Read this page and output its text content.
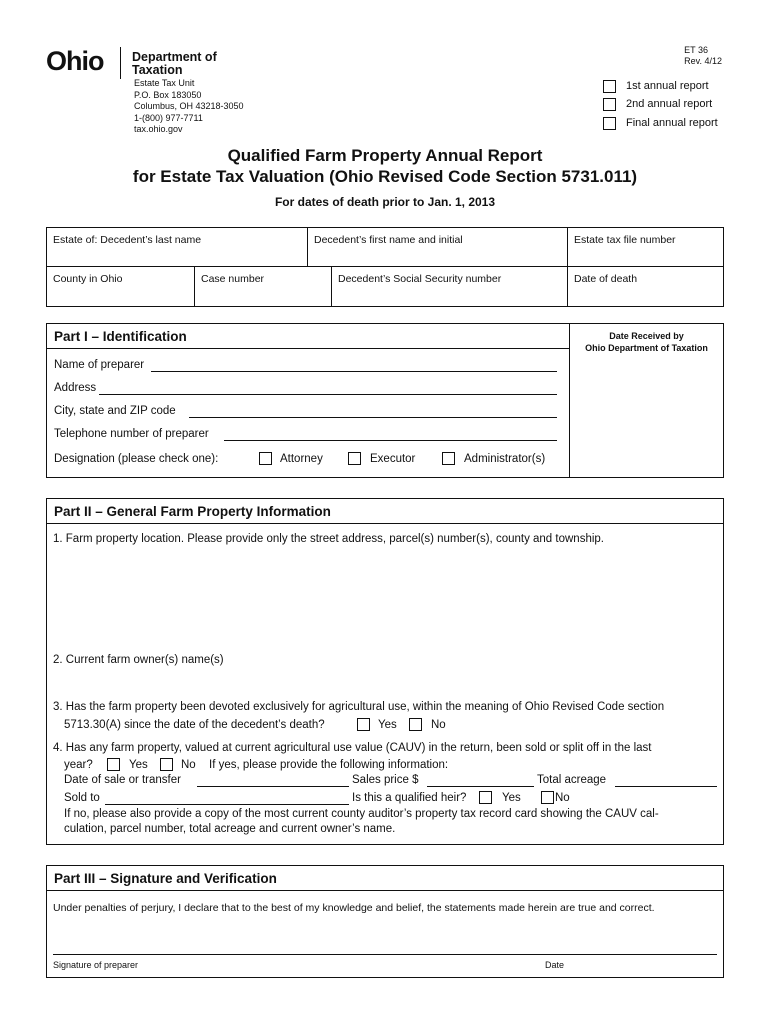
Ohio Department of
Taxation
Estate Tax Unit
P.O. Box 183050
Columbus, OH 43218-3050
1-(800) 977-7711
tax.ohio.gov
ET 36
Rev. 4/12
1st annual report
2nd annual report
Final annual report
Qualified Farm Property Annual Report
for Estate Tax Valuation (Ohio Revised Code Section 5731.011)
For dates of death prior to Jan. 1, 2013
Estate of: Decedent’s last name	Decedent’s first name and initial	Estate tax file number
County in Ohio	Case number	Decedent’s Social Security number	Date of death
Part I – Identification	Date Received by
Ohio Department of Taxation
Name of preparer
Address
City, state and ZIP code
Telephone number of preparer
Designation (please check one):	Attorney	Executor	Administrator(s)
Part II – General Farm Property Information
1. Farm property location. Please provide only the street address, parcel(s) number(s), county and township.
2. Current farm owner(s) name(s)
3. Has the farm property been devoted exclusively for agricultural use, within the meaning of Ohio Revised Code section
5713.30(A) since the date of the decedent’s death?	Yes	No
4. Has any farm property, valued at current agricultural use value (CAUV) in the return, been sold or split off in the last
year?	Yes	No If yes, please provide the following information:
Date of sale or transfer	Sales price $	Total acreage
Sold to	Is this a qualified heir?	Yes	No
If no, please also provide a copy of the most current county auditor’s property tax record card showing the CAUV cal-
culation, parcel number, total acreage and current owner’s name.
Part III – Signature and Verification
Under penalties of perjury, I declare that to the best of my knowledge and belief, the statements made herein are true and correct.
Signature of preparer	Date
